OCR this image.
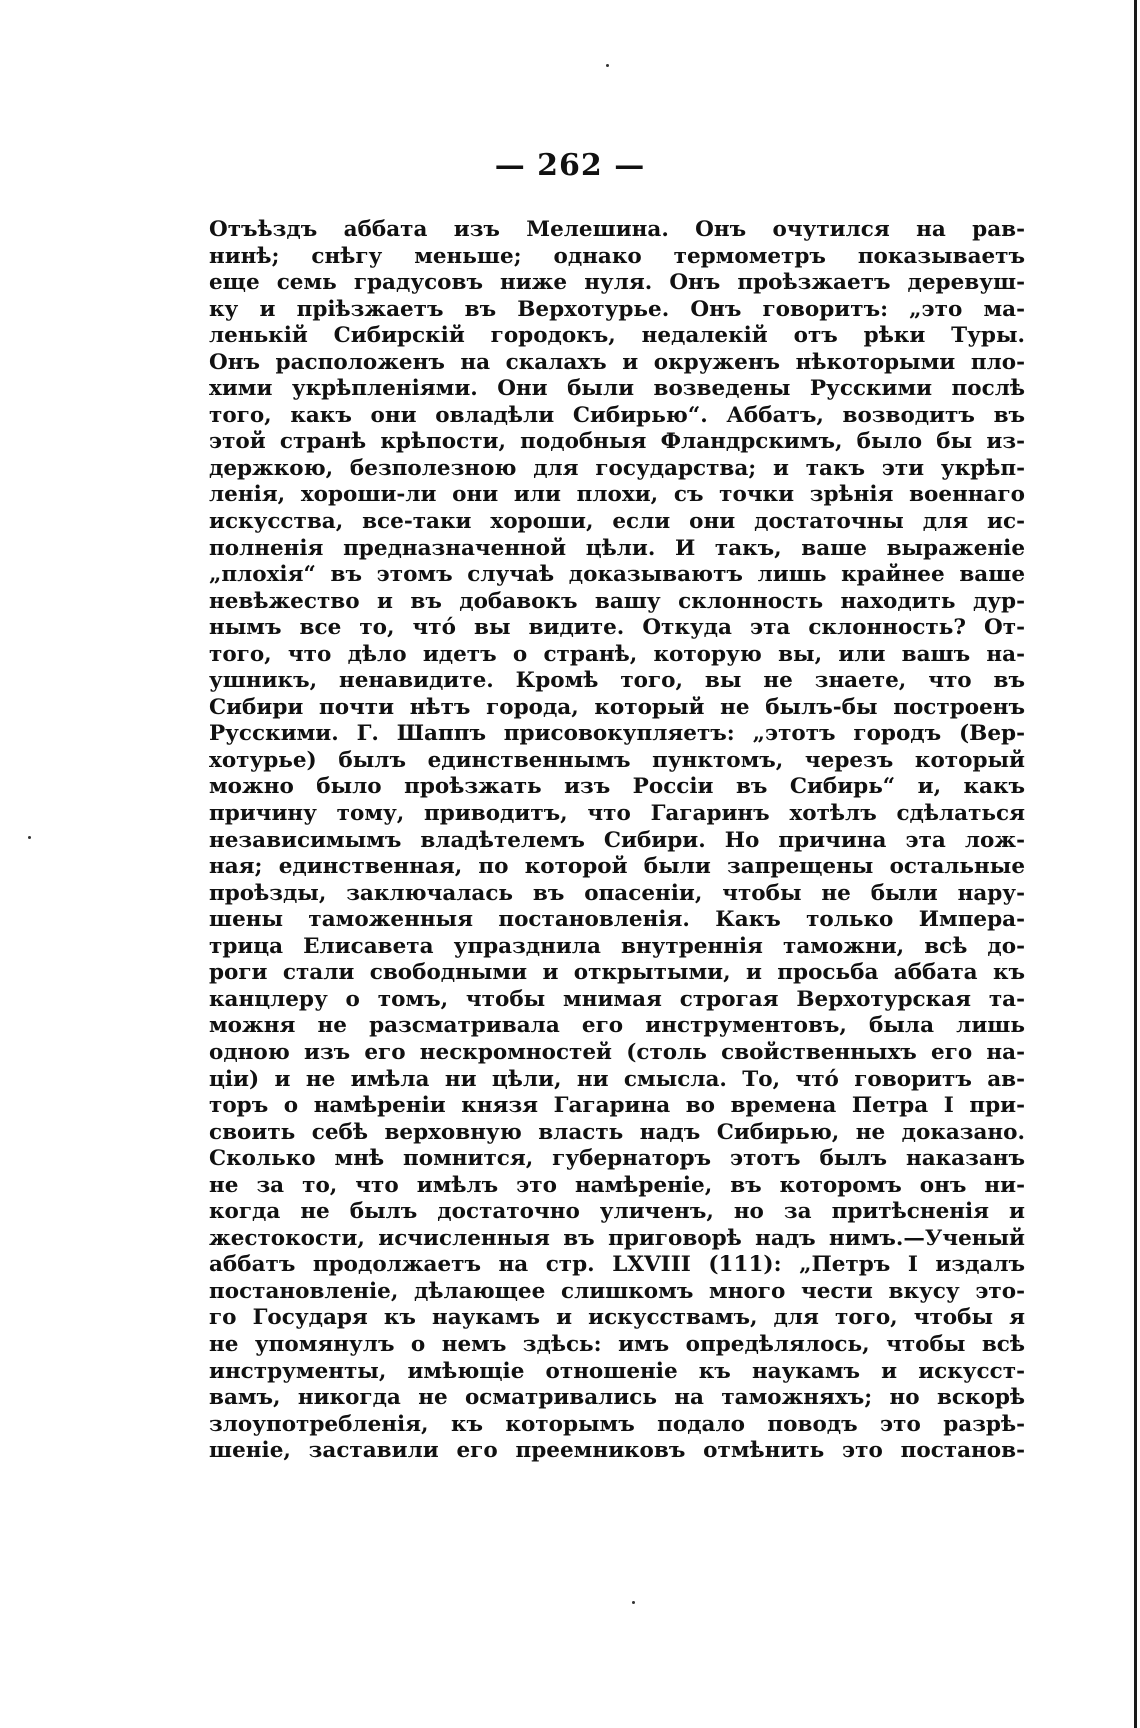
— 262 —
Отъѣздъ аббата изъ Мелешина. Онъ очутился на рав-
нинѣ; снѣгу меньше; однако термометръ показываетъ
еще семь градусовъ ниже нуля. Онъ проѣзжаетъ деревуш-
ку и пріѣзжаетъ въ Верхотурье. Онъ говоритъ: „это ма-
ленькій Сибирскій городокъ, недалекій отъ рѣки Туры.
Онъ расположенъ на скалахъ и окруженъ нѣкоторыми пло-
хими укрѣпленіями. Они были возведены Русскими послѣ
того, какъ они овладѣли Сибирью“. Аббатъ, возводитъ въ
этой странѣ крѣпости, подобныя Фландрскимъ, было бы из-
держкою, безполезною для государства; и такъ эти укрѣп-
ленія, хороши-ли они или плохи, съ точки зрѣнія военнаго
искусства, все-таки хороши, если они достаточны для ис-
полненія предназначенной цѣли. И такъ, ваше выраженіе
„плохія“ въ этомъ случаѣ доказываютъ лишь крайнее ваше
невѣжество и въ добавокъ вашу склонность находить дур-
нымъ все то, чтó вы видите. Откуда эта склонность? От-
того, что дѣло идетъ о странѣ, которую вы, или вашъ на-
ушникъ, ненавидите. Кромѣ того, вы не знаете, что въ
Сибири почти нѣтъ города, который не былъ-бы построенъ
Русскими. Г. Шаппъ присовокупляетъ: „этотъ городъ (Вер-
хотурье) былъ единственнымъ пунктомъ, черезъ который
можно было проѣзжать изъ Россіи въ Сибирь“ и, какъ
причину тому, приводитъ, что Гагаринъ хотѣлъ сдѣлаться
независимымъ владѣтелемъ Сибири. Но причина эта лож-
ная; единственная, по которой были запрещены остальные
проѣзды, заключалась въ опасеніи, чтобы не были нару-
шены таможенныя постановленія. Какъ только Импера-
трица Елисавета упразднила внутреннія таможни, всѣ до-
роги стали свободными и открытыми, и просьба аббата къ
канцлеру о томъ, чтобы мнимая строгая Верхотурская та-
можня не разсматривала его инструментовъ, была лишь
одною изъ его нескромностей (столь свойственныхъ его на-
ціи) и не имѣла ни цѣли, ни смысла. То, чтó говоритъ ав-
торъ о намѣреніи князя Гагарина во времена Петра I при-
своить себѣ верховную власть надъ Сибирью, не доказано.
Сколько мнѣ помнится, губернаторъ этотъ былъ наказанъ
не за то, что имѣлъ это намѣреніе, въ которомъ онъ ни-
когда не былъ достаточно уличенъ, но за притѣсненія и
жестокости, исчисленныя въ приговорѣ надъ нимъ.—Ученый
аббатъ продолжаетъ на стр. LXVIII (111): „Петръ I издалъ
постановленіе, дѣлающее слишкомъ много чести вкусу это-
го Государя къ наукамъ и искусствамъ, для того, чтобы я
не упомянулъ о немъ здѣсь: имъ опредѣлялось, чтобы всѣ
инструменты, имѣющіе отношеніе къ наукамъ и искусст-
вамъ, никогда не осматривались на таможняхъ; но вскорѣ
злоупотребленія, къ которымъ подало поводъ это разрѣ-
шеніе, заставили его преемниковъ отмѣнить это постанов-
